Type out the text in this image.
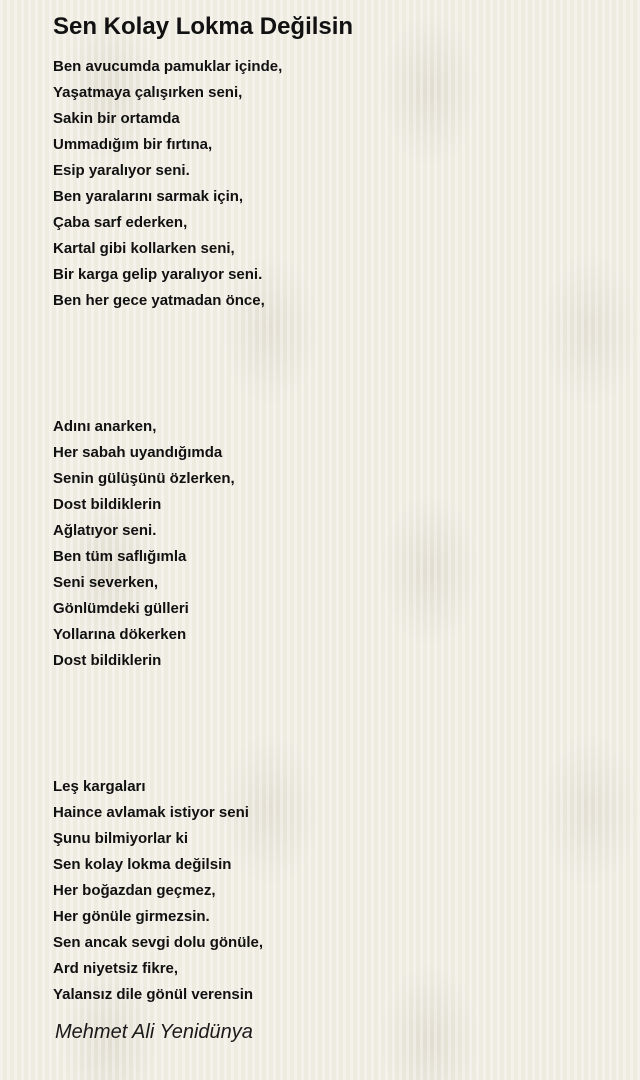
Sen Kolay Lokma Değilsin
Ben avucumda pamuklar içinde,
Yaşatmaya çalışırken seni,
Sakin bir ortamda
Ummadığım bir fırtına,
Esip yaralıyor seni.
Ben yaralarını sarmak için,
Çaba sarf ederken,
Kartal gibi kollarken seni,
Bir karga gelip yaralıyor seni.
Ben her gece yatmadan önce,
Adını anarken,
Her sabah uyandığımda
Senin gülüşünü özlerken,
Dost bildiklerin
Ağlatıyor seni.
Ben tüm saflığımla
Seni severken,
Gönlümdeki gülleri
Yollarına dökerken
Dost bildiklerin
Leş kargaları
Haince avlamak istiyor seni
Şunu bilmiyorlar ki
Sen kolay lokma değilsin
Her boğazdan geçmez,
Her gönüle girmezsin.
Sen ancak sevgi dolu gönüle,
Ard niyetsiz fikre,
Yalansız dile gönül verensin
Mehmet Ali Yenidünya
